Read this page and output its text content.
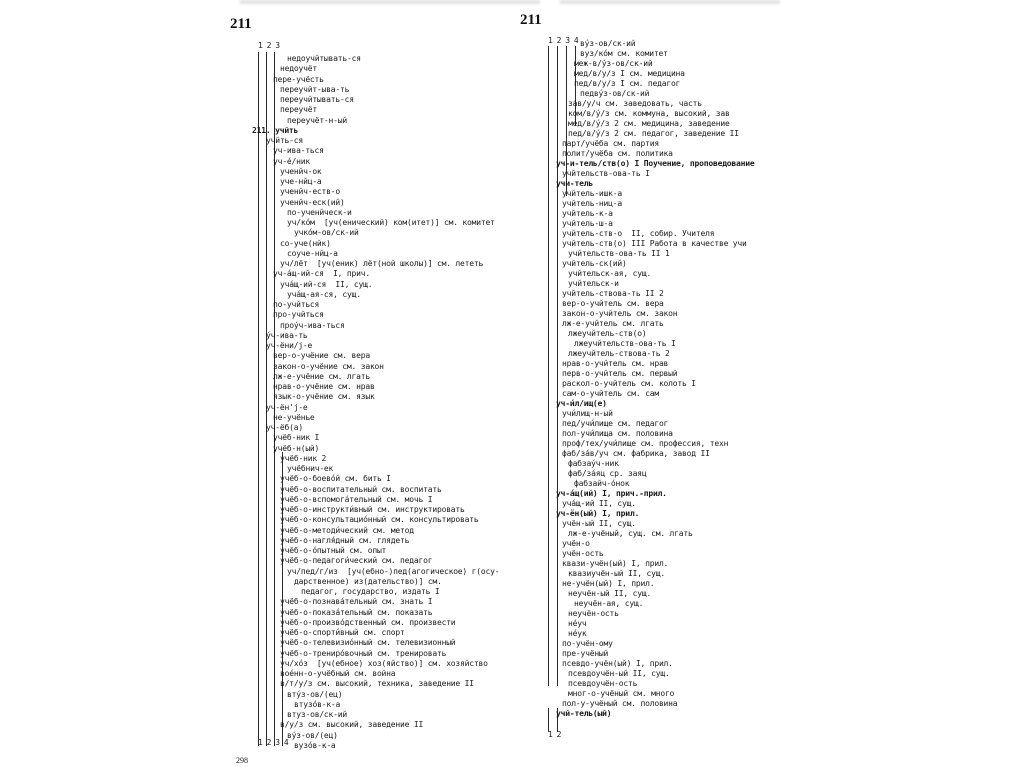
211
1 2 3
недоучйтывать-ся
недоучёт
пере-учёсть
переучйт-ыва-ть
переучйтывать-ся
переучёт
переучёт-н-ый
211. учйть
учйть-ся
уч-ива-ться
уч-е́/ник
ученйч-ок
уче-нйц-а
ученйч-еств-о
ученйч-еск(ий)
по-ученйческ-и
уч/ко́м  [уч(енический) ком(итет)] см. комитет
учко́м-ов/ск-ий
со-уче(нйк)
соуче-нйц-а
уч/лёт  [уч(еник) лёт(ной школы)] см. лететь
уч-а́щ-ий-ся  I, прич.
уча́щ-ий-ся  II, сущ.
уча́щ-ая-ся, сущ.
по-учйться
про-учйться
проу́ч-ива-ться
у́ч-ива-ть
уч-ёни/j-е
вер-о-учёние см. вера
закон-о-учёние см. закон
лж-е-учёние см. лгать
нрав-о-учёние см. нрав
язык-о-учёние см. язык
уч-ён'j-е
не-учёнье
уч-ёб(а)
учёб-ник I
учёб-н(ый)
учёб-ник 2
учёбнич-ек
учёб-о-боево́й см. бить I
учёб-о-воспитательный см. воспитать
учёб-о-вспомога́тельный см. мочь I
учёб-о-инструкти́вный см. инструктировать
учёб-о-консультацио́нный см. консультировать
учёб-о-методи́ческий см. метод
учёб-о-нагля́дный см. глядеть
учёб-о-о́пытный см. опыт
учёб-о-педагоги́ческий см. педагог
уч/пед/г/из  [уч(ебно-)пед(агогическое) г(осу-
дарственное) из(дательство)] см.
педагог, государство, издать I
учёб-о-познава́тельный см. знать I
учёб-о-показа́тельный см. показать
учёб-о-произво́дственный см. произвести
учёб-о-спорти́вный см. спорт
учёб-о-телевизио́нный см. телевизионный
учёб-о-трениро́вочный см. тренировать
уч/хо́з  [уч(ебное) хоз(яйство)] см. хозяйство
вое́нн-о-учёбный см. война
в/т/у/з см. высокий, техника, заведение II
вту́з-ов/(ец)
втузо́в-к-а
втуз-ов/ск-ий
в/у/з см. высокий, заведение II
ву́з-ов/(ец)
вузо́в-к-а
1 2 3 4
298
211
1 2 3 4 ву́з-ов/ск-ий
вуз/ко́м см. комитет
меж-в/у́з-ов/ск-ий
мед/в/у/з I см. медицина
пед/в/у/з I см. педагог
педву́з-ов/ск-ий
за́в/у/ч см. заведовать, часть
ком/в/у́/з см. коммуна, высокий, зав
мед/в/у́/з 2 см. медицина, заведение
пед/в/у́/з 2 см. педагог, заведение II
парт/учёба см. партия
полит/учёба см. политика
уч-и-тель/ств(о) I Поучение, проповедование
учйтельств-ова-ть I
учи-тель
учйтель-ишк-а
учйтель-ниц-а
учйтель-к-а
учйтель-ш-а
учйтель-ств-о  II, собир. Учителя
учйтель-ств(о) III Работа в качестве учи
учйтельств-ова-ть II 1
учйтель-ск(ий)
учйтельск-ая, сущ.
учйтельск-и
учйтель-ствова-ть II 2
вер-о-учйтель см. вера
закон-о-учйтель см. закон
лж-е-учйтель см. лгать
лжеучйтель-ств(о)
лжеучйтельств-ова-ть I
лжеучйтель-ствова-ть 2
нрав-о-учйтель см. нрав
перв-о-учйтель см. первый
раскол-о-учйтель см. колоть I
сам-о-учйтель см. сам
уч-и́л/ищ(е)
учи́лищ-н-ый
пед/учи́лище см. педагог
пол-учи́лища см. половина
проф/тех/учи́лище см. профессия, техн
фаб/за́в/уч см. фабрика, завод II
фабзау́ч-ник
фаб/за́яц ср. заяц
фабзайч-о́нок
уч-а́щ(ий) I, прич.-прил.
уча́щ-ий II, сущ.
уч-ён(ый) I, прил.
учён-ый II, сущ.
лж-е-учёный, сущ. см. лгать
учён-о
учён-ость
квази-учён(ый) I, прил.
квазиучён-ый II, сущ.
не-учён(ый) I, прил.
неучён-ый II, сущ.
неучён-ая, сущ.
неучён-ость
не́уч
не́ук
по-учён-ому
пре-учёный
псевдо-учён(ый) I, прил.
псевдоучён-ый II, сущ.
псевдоучён-ость
мног-о-учёный см. много
пол-у-учёный см. половина
учй-тель(ый)
1 2
